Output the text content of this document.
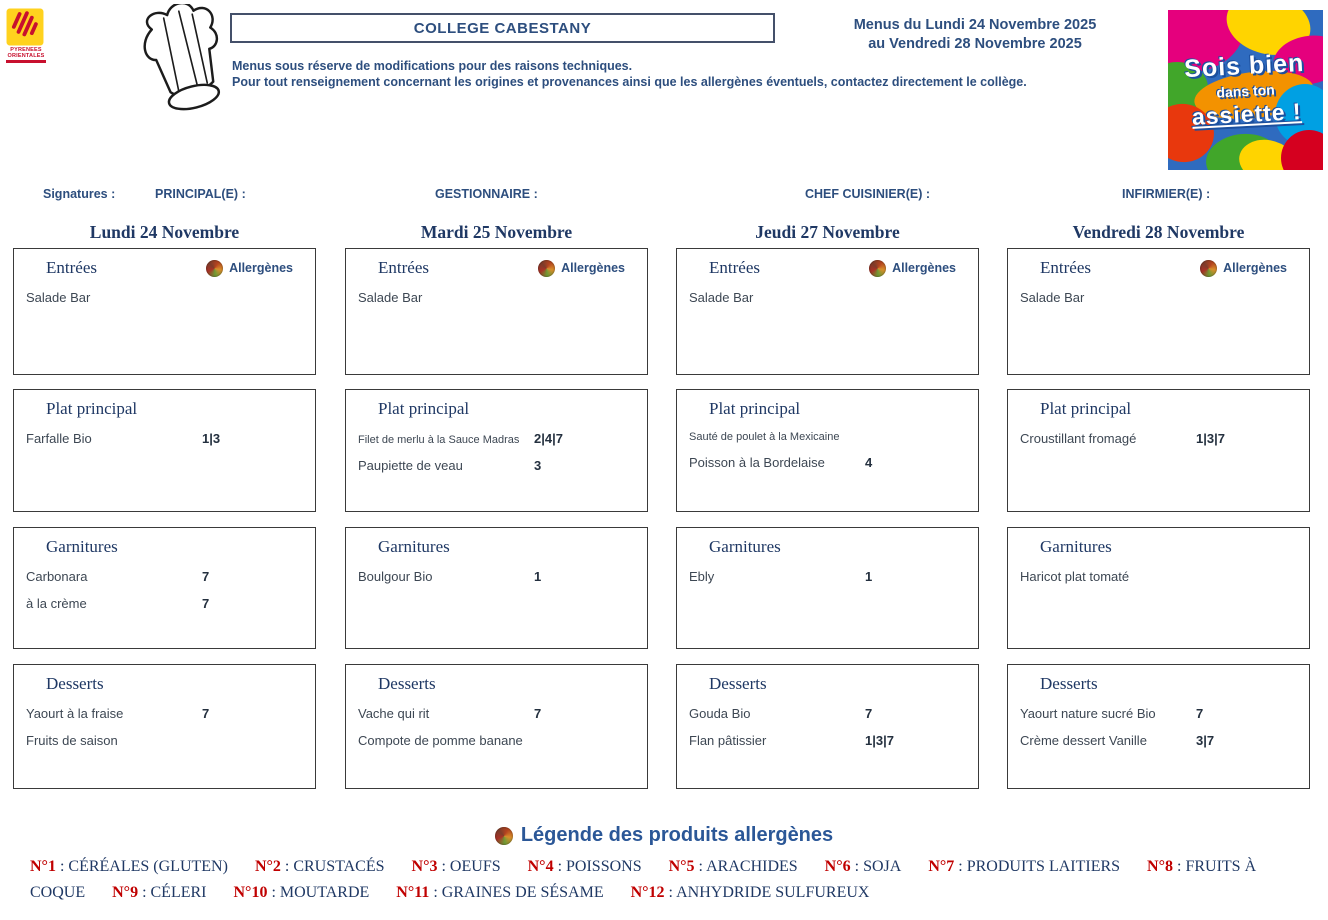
PYRENEES
ORIENTALES
COLLEGE CABESTANY
Menus sous réserve de modifications pour des raisons techniques.
Pour tout renseignement concernant les origines et provenances ainsi que les allergènes éventuels, contactez directement le collège.
Menus du Lundi 24 Novembre 2025
au Vendredi 28 Novembre 2025
Sois bien
dans ton
assiette !
Signatures :	PRINCIPAL(E) :	GESTIONNAIRE :	CHEF CUISINIER(E) :	INFIRMIER(E) :
Lundi 24 Novembre
Entrées	Allergènes
Salade Bar
Plat principal
Farfalle Bio	1|3
Garnitures
Carbonara	7
à la crème	7
Desserts
Yaourt à la fraise	7
Fruits de saison
Mardi 25 Novembre
Entrées	Allergènes
Salade Bar
Plat principal
Filet de merlu à la Sauce Madras	2|4|7
Paupiette de veau	3
Garnitures
Boulgour Bio	1
Desserts
Vache qui rit	7
Compote de pomme banane
Jeudi 27 Novembre
Entrées	Allergènes
Salade Bar
Plat principal
Sauté de poulet à la Mexicaine
Poisson à la Bordelaise	4
Garnitures
Ebly	1
Desserts
Gouda Bio	7
Flan pâtissier	1|3|7
Vendredi 28 Novembre
Entrées	Allergènes
Salade Bar
Plat principal
Croustillant fromagé	1|3|7
Garnitures
Haricot plat tomaté
Desserts
Yaourt nature sucré Bio	7
Crème dessert Vanille	3|7
Légende des produits allergènes
N°1 : CÉRÉALES (GLUTEN) N°2 : CRUSTACÉS N°3 : OEUFS N°4 : POISSONS N°5 : ARACHIDES N°6 : SOJA N°7 : PRODUITS LAITIERS N°8 : FRUITS À COQUE N°9 : CÉLERI N°10 : MOUTARDE N°11 : GRAINES DE SÉSAME N°12 : ANHYDRIDE SULFUREUX
